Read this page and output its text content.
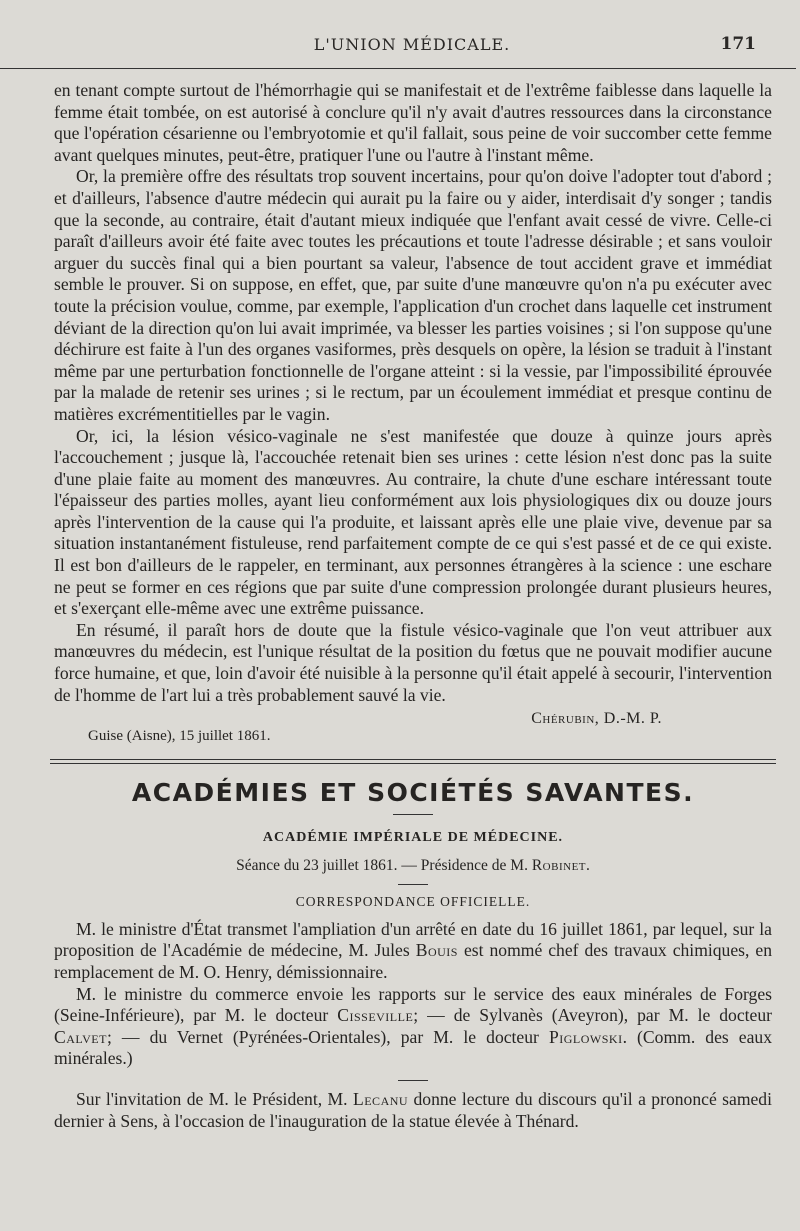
L'UNION MÉDICALE.	171

en tenant compte surtout de l'hémorrhagie qui se manifestait et de l'extrême faiblesse dans laquelle la femme était tombée, on est autorisé à conclure qu'il n'y avait d'autres ressources dans la circonstance que l'opération césarienne ou l'embryotomie et qu'il fallait, sous peine de voir succomber cette femme avant quelques minutes, peut-être, pratiquer l'une ou l'autre à l'instant même.

Or, la première offre des résultats trop souvent incertains, pour qu'on doive l'adopter tout d'abord ; et d'ailleurs, l'absence d'autre médecin qui aurait pu la faire ou y aider, interdisait d'y songer ; tandis que la seconde, au contraire, était d'autant mieux indiquée que l'enfant avait cessé de vivre. Celle-ci paraît d'ailleurs avoir été faite avec toutes les précautions et toute l'adresse désirable ; et sans vouloir arguer du succès final qui a bien pourtant sa valeur, l'absence de tout accident grave et immédiat semble le prouver. Si on suppose, en effet, que, par suite d'une manœuvre qu'on n'a pu exécuter avec toute la précision voulue, comme, par exemple, l'application d'un crochet dans laquelle cet instrument déviant de la direction qu'on lui avait imprimée, va blesser les parties voisines ; si l'on suppose qu'une déchirure est faite à l'un des organes vasiformes, près desquels on opère, la lésion se traduit à l'instant même par une perturbation fonctionnelle de l'organe atteint : si la vessie, par l'impossibilité éprouvée par la malade de retenir ses urines ; si le rectum, par un écoulement immédiat et presque continu de matières excrémentitielles par le vagin.

Or, ici, la lésion vésico-vaginale ne s'est manifestée que douze à quinze jours après l'accouchement ; jusque là, l'accouchée retenait bien ses urines : cette lésion n'est donc pas la suite d'une plaie faite au moment des manœuvres. Au contraire, la chute d'une eschare intéressant toute l'épaisseur des parties molles, ayant lieu conformément aux lois physiologiques dix ou douze jours après l'intervention de la cause qui l'a produite, et laissant après elle une plaie vive, devenue par sa situation instantanément fistuleuse, rend parfaitement compte de ce qui s'est passé et de ce qui existe. Il est bon d'ailleurs de le rappeler, en terminant, aux personnes étrangères à la science : une eschare ne peut se former en ces régions que par suite d'une compression prolongée durant plusieurs heures, et s'exerçant elle-même avec une extrême puissance.

En résumé, il paraît hors de doute que la fistule vésico-vaginale que l'on veut attribuer aux manœuvres du médecin, est l'unique résultat de la position du fœtus que ne pouvait modifier aucune force humaine, et que, loin d'avoir été nuisible à la personne qu'il était appelé à secourir, l'intervention de l'homme de l'art lui a très probablement sauvé la vie.

Chérubin, D.-M. P.
Guise (Aisne), 15 juillet 1861.
ACADÉMIES ET SOCIÉTÉS SAVANTES.
ACADÉMIE IMPÉRIALE DE MÉDECINE.
Séance du 23 juillet 1861. — Présidence de M. Robinet.
CORRESPONDANCE OFFICIELLE.

M. le ministre d'État transmet l'ampliation d'un arrêté en date du 16 juillet 1861, par lequel, sur la proposition de l'Académie de médecine, M. Jules Bouis est nommé chef des travaux chimiques, en remplacement de M. O. Henry, démissionnaire.

M. le ministre du commerce envoie les rapports sur le service des eaux minérales de Forges (Seine-Inférieure), par M. le docteur Cisseville; — de Sylvanès (Aveyron), par M. le docteur Calvet; — du Vernet (Pyrénées-Orientales), par M. le docteur Piglowski. (Comm. des eaux minérales.)

Sur l'invitation de M. le Président, M. Lecanu donne lecture du discours qu'il a prononcé samedi dernier à Sens, à l'occasion de l'inauguration de la statue élevée à Thénard.
